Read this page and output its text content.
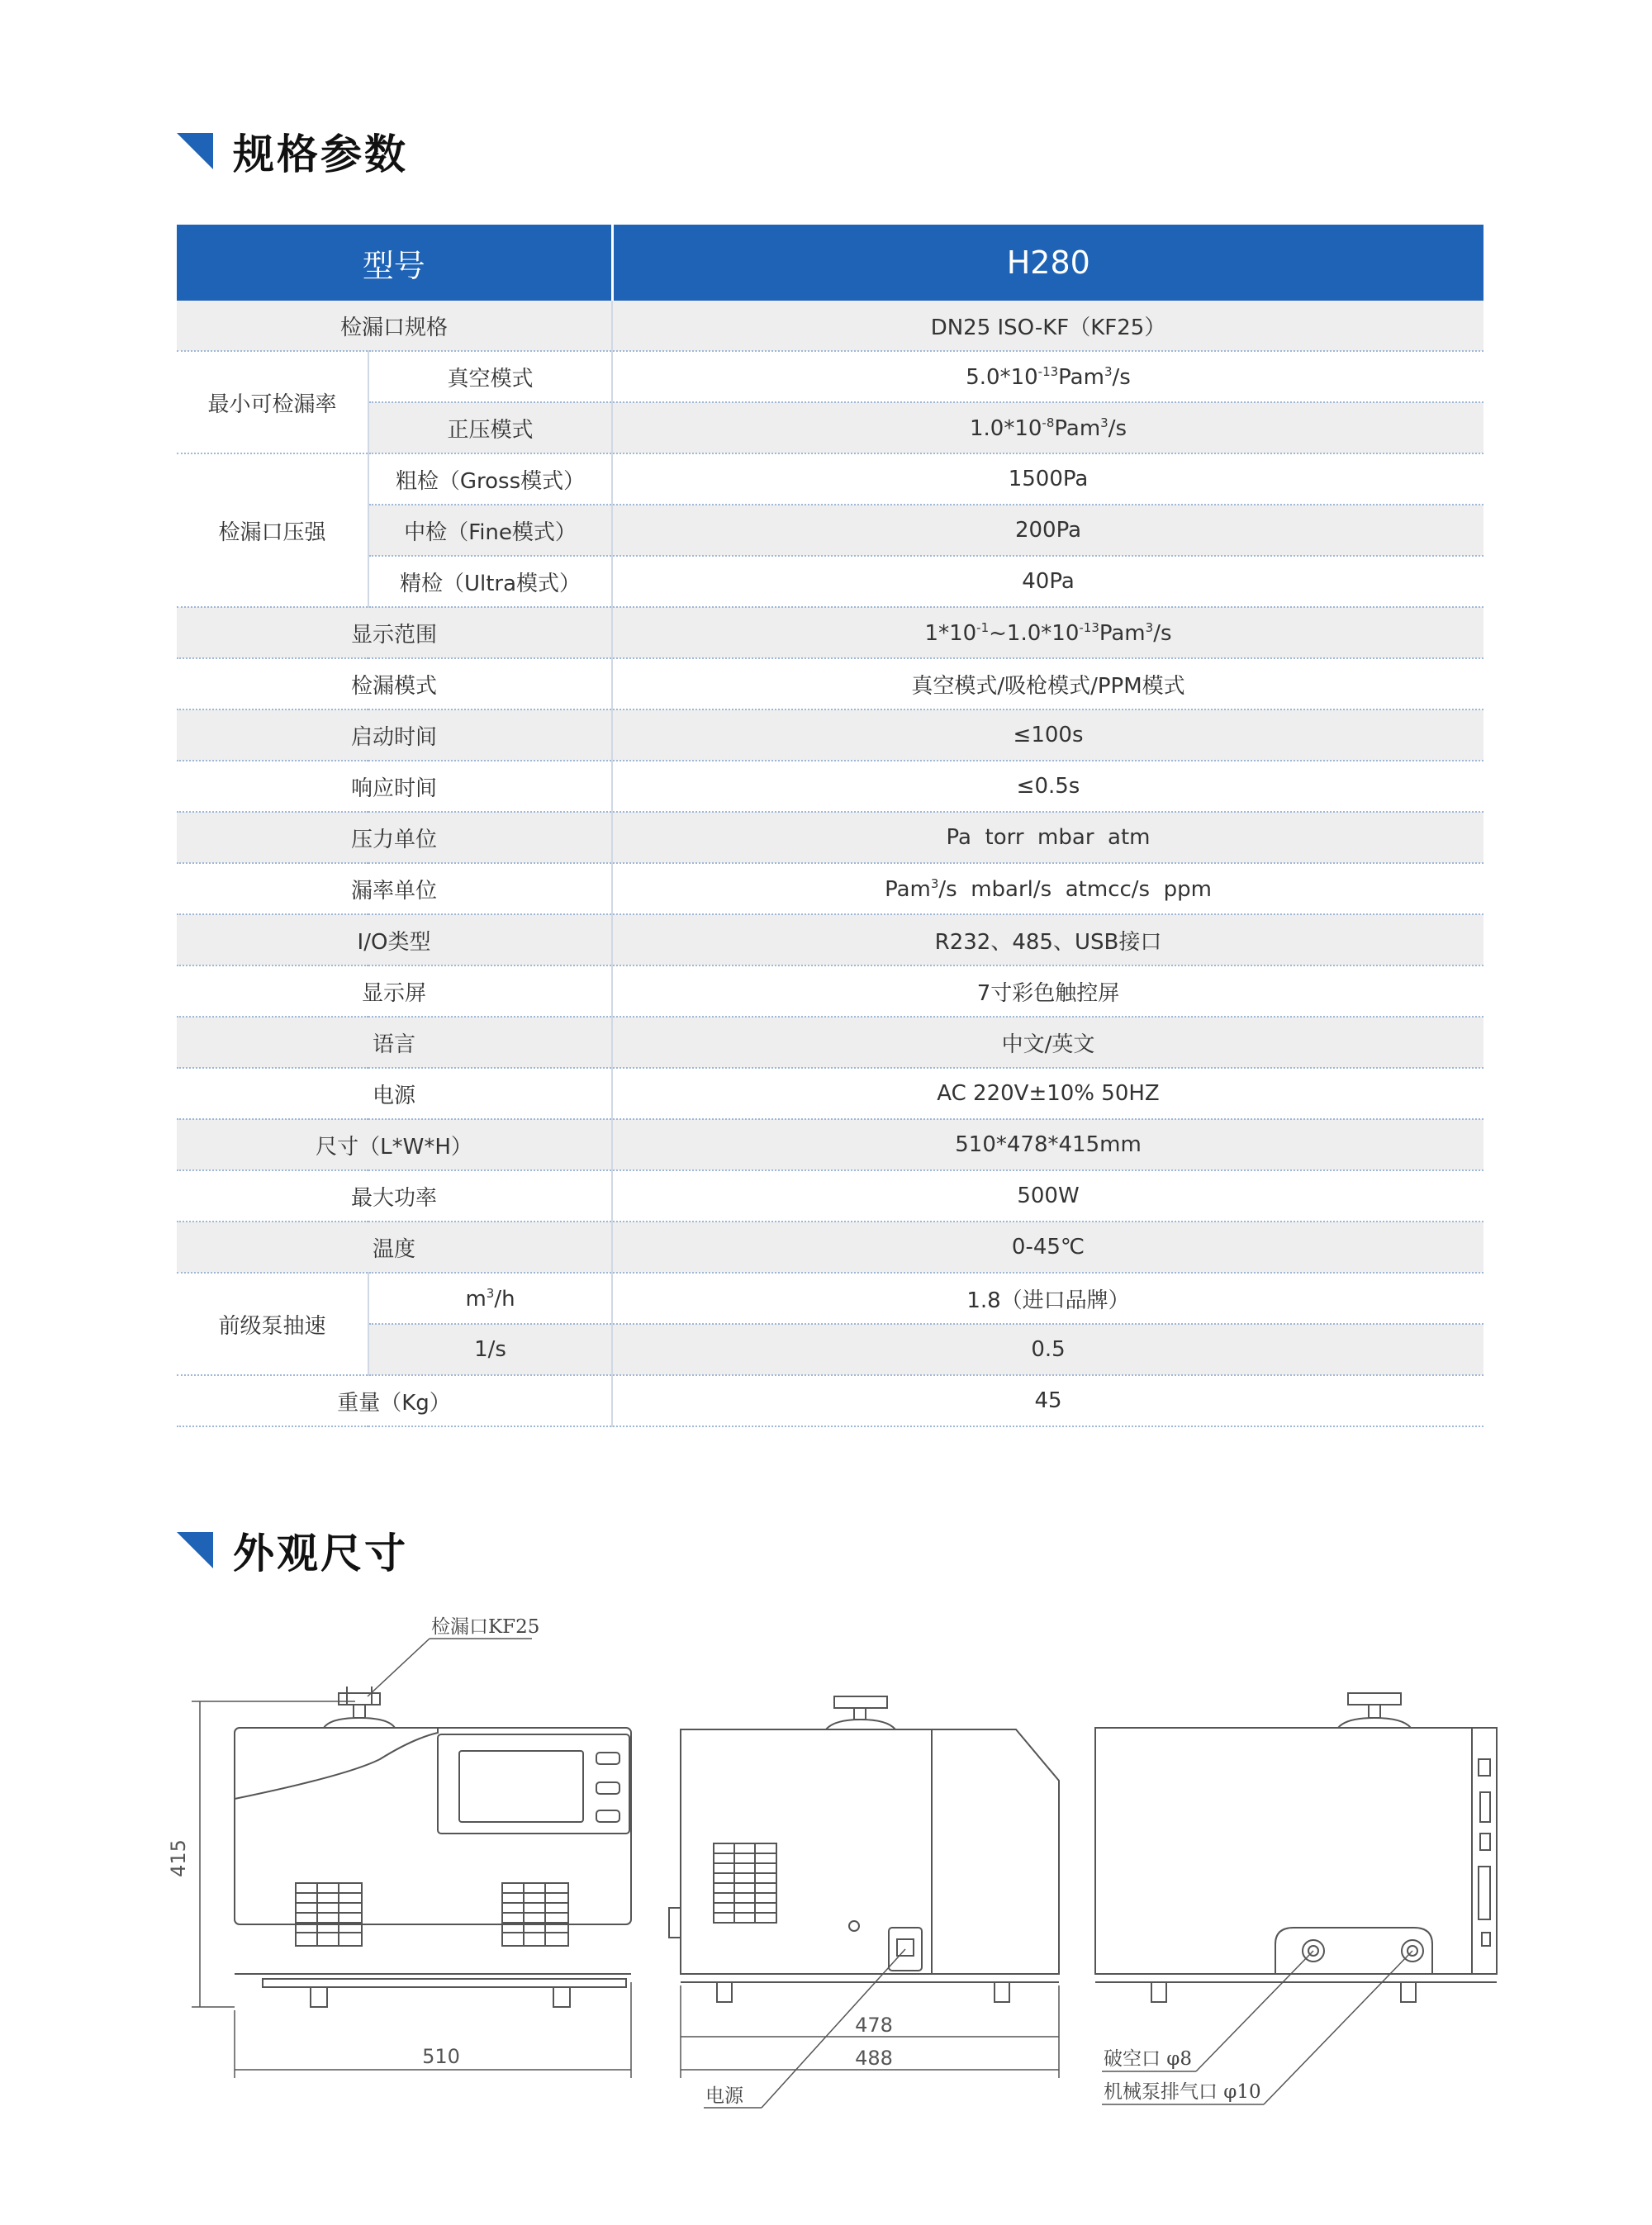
规格参数
型号		H280
检漏口规格		DN25 ISO-KF（KF25）
最小可检漏率	真空模式	$5.0*10^{-13}Pam^3/s$
	正压模式	$1.0*10^{-8}Pam^3/s$
检漏口压强	粗检（Gross模式）	1500Pa
	中检（Fine模式）	200Pa
	精检（Ultra模式）	40Pa
显示范围		$1*10^{-1}\sim 1.0*10^{-13}Pam^3/s$
检漏模式		真空模式/吸枪模式/PPM模式
启动时间		≤100s
响应时间		≤0.5s
压力单位		Pa  torr  mbar  atm
漏率单位		Pam$^3$/s  mbarl/s  atmcc/s  ppm
I/O类型		R232、485、USB接口
显示屏		7寸彩色触控屏
语言		中文/英文
电源		AC 220V±10% 50HZ
尺寸（L*W*H）		510*478*415mm
最大功率		500W
温度		0-45℃
前级泵抽速	$m^3/h$	1.8（进口品牌）
	1/s	0.5
重量（Kg）		45
外观尺寸
415
510
检漏口KF25
478
488
电源
破空口 φ8
机械泵排气口 φ10
